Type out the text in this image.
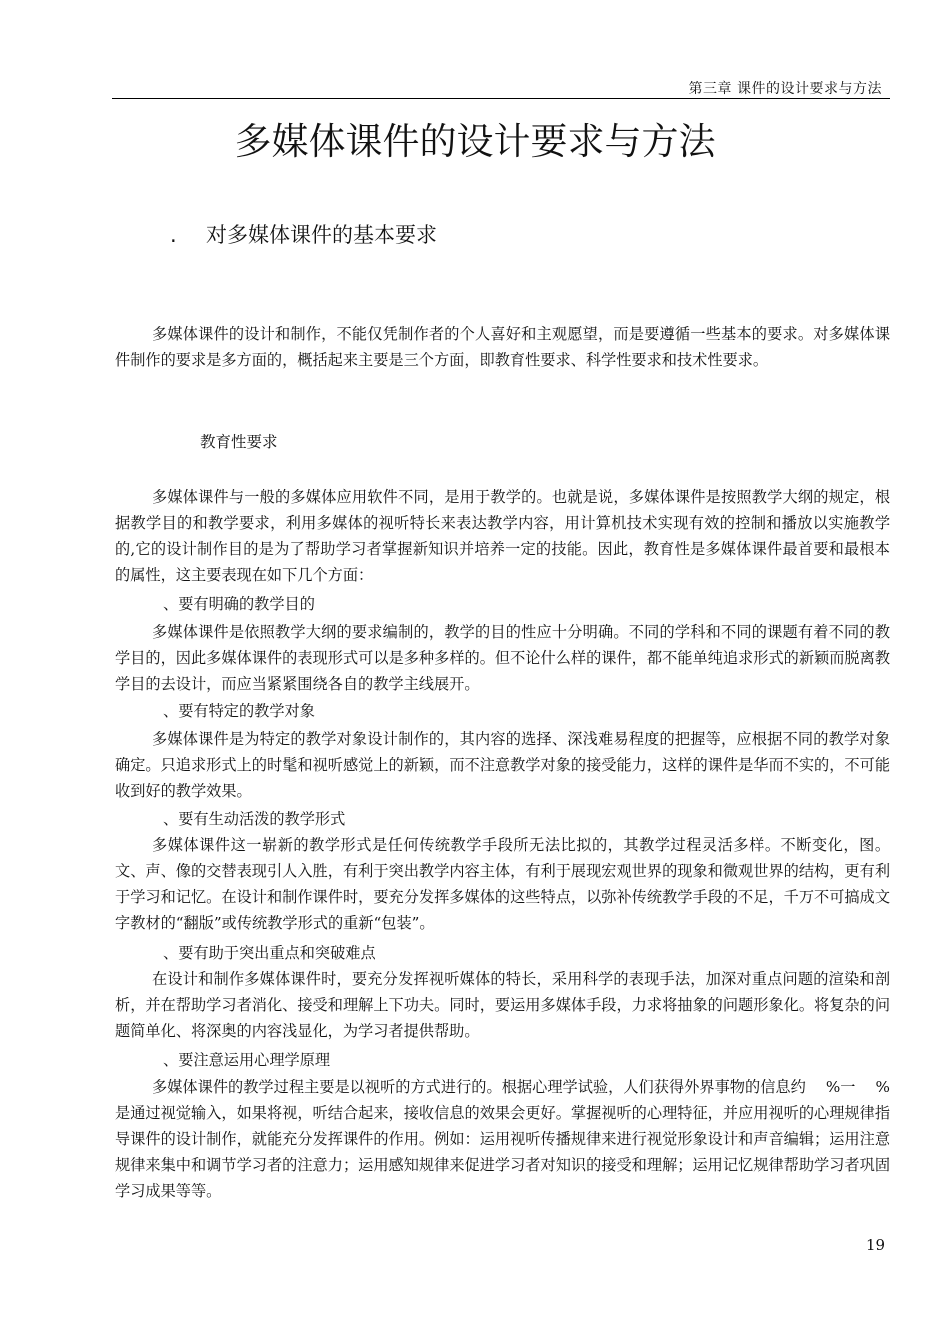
第三章 课件的设计要求与方法
多媒体课件的设计要求与方法
. 对多媒体课件的基本要求

多媒体课件的设计和制作，不能仅凭制作者的个人喜好和主观愿望，而是要遵循一些基本的要求。对多媒体课件制作的要求是多方面的，概括起来主要是三个方面，即教育性要求、科学性要求和技术性要求。

教育性要求

多媒体课件与一般的多媒体应用软件不同，是用于教学的。也就是说，多媒体课件是按照教学大纲的规定，根据教学目的和教学要求，利用多媒体的视听特长来表达教学内容，用计算机技术实现有效的控制和播放以实施教学的,它的设计制作目的是为了帮助学习者掌握新知识并培养一定的技能。因此，教育性是多媒体课件最首要和最根本的属性，这主要表现在如下几个方面：

、要有明确的教学目的

多媒体课件是依照教学大纲的要求编制的，教学的目的性应十分明确。不同的学科和不同的课题有着不同的教学目的，因此多媒体课件的表现形式可以是多种多样的。但不论什么样的课件，都不能单纯追求形式的新颖而脱离教学目的去设计，而应当紧紧围绕各自的教学主线展开。

、要有特定的教学对象

多媒体课件是为特定的教学对象设计制作的，其内容的选择、深浅难易程度的把握等，应根据不同的教学对象确定。只追求形式上的时髦和视听感觉上的新颖，而不注意教学对象的接受能力，这样的课件是华而不实的，不可能收到好的教学效果。

、要有生动活泼的教学形式

多媒体课件这一崭新的教学形式是任何传统教学手段所无法比拟的，其教学过程灵活多样。不断变化，图。文、声、像的交替表现引人入胜，有利于突出教学内容主体，有利于展现宏观世界的现象和微观世界的结构，更有利于学习和记忆。在设计和制作课件时，要充分发挥多媒体的这些特点，以弥补传统教学手段的不足，千万不可搞成文字教材的“翻版”或传统教学形式的重新“包装”。

、要有助于突出重点和突破难点

在设计和制作多媒体课件时，要充分发挥视听媒体的特长，采用科学的表现手法，加深对重点问题的渲染和剖析，并在帮助学习者消化、接受和理解上下功夫。同时，要运用多媒体手段，力求将抽象的问题形象化。将复杂的问题简单化、将深奥的内容浅显化，为学习者提供帮助。

、要注意运用心理学原理

多媒体课件的教学过程主要是以视听的方式进行的。根据心理学试验，人们获得外界事物的信息约　 %一　 %是通过视觉输入，如果将视，听结合起来，接收信息的效果会更好。掌握视听的心理特征，并应用视听的心理规律指导课件的设计制作，就能充分发挥课件的作用。例如：运用视听传播规律来进行视觉形象设计和声音编辑；运用注意规律来集中和调节学习者的注意力；运用感知规律来促进学习者对知识的接受和理解；运用记忆规律帮助学习者巩固学习成果等等。

19
